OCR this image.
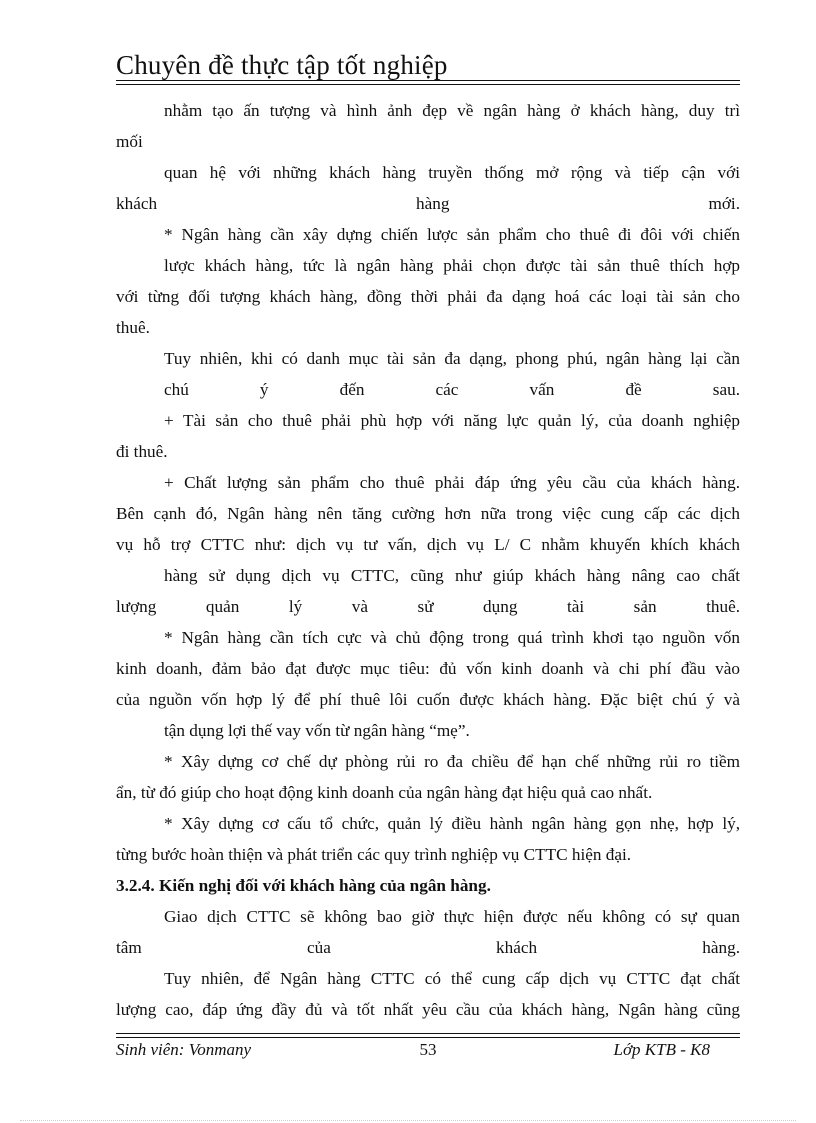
Chuyên đề thực tập tốt nghiệp
nhằm tạo ấn tượng và hình ảnh đẹp về ngân hàng ở khách hàng, duy trì
mối
quan hệ với những khách hàng truyền thống mở rộng và tiếp cận với
khách hàng mới.
* Ngân hàng cần xây dựng chiến lược sản phẩm cho thuê đi đôi với chiến
lược khách hàng, tức là ngân hàng phải chọn được tài sản thuê thích hợp
với từng đối tượng khách hàng, đồng thời phải đa dạng hoá các loại tài sản cho
thuê.
Tuy nhiên, khi có danh mục tài sản đa dạng, phong phú, ngân hàng lại cần
chú ý đến các vấn đề sau.
+ Tài sản cho thuê phải phù hợp với năng lực quản lý, của doanh nghiệp
đi thuê.
+ Chất lượng sản phẩm cho thuê phải đáp ứng yêu cầu của khách hàng.
Bên cạnh đó, Ngân hàng nên tăng cường hơn nữa trong việc cung cấp các dịch
vụ hỗ trợ CTTC như: dịch vụ tư vấn, dịch vụ L/ C nhằm khuyến khích khách
hàng sử dụng dịch vụ CTTC, cũng như giúp khách hàng nâng cao chất
lượng quản lý và sử dụng tài sản thuê.
* Ngân hàng cần tích cực và chủ động trong quá trình khơi tạo nguồn vốn
kinh doanh, đảm bảo đạt được mục tiêu: đủ vốn kinh doanh và chi phí đầu vào
của nguồn vốn hợp lý để phí thuê lôi cuốn được khách hàng. Đặc biệt chú ý và
tận dụng lợi thế vay vốn từ ngân hàng “mẹ”.
* Xây dựng cơ chế dự phòng rủi ro đa chiều để hạn chế những rủi ro tiềm
ẩn, từ đó giúp cho hoạt động kinh doanh của ngân hàng đạt hiệu quả cao nhất.
* Xây dựng cơ cấu tổ chức, quản lý điều hành ngân hàng gọn nhẹ, hợp lý,
từng bước hoàn thiện và phát triển các quy trình nghiệp vụ CTTC hiện đại.
3.2.4. Kiến nghị đối với khách hàng của ngân hàng.
Giao dịch CTTC sẽ không bao giờ thực hiện được nếu không có sự quan
tâm của khách hàng.
Tuy nhiên, để Ngân hàng CTTC có thể cung cấp dịch vụ CTTC đạt chất
lượng cao, đáp ứng đầy đủ và tốt nhất yêu cầu của khách hàng, Ngân hàng cũng
Sinh viên: Vonmany	53	Lớp KTB - K8
